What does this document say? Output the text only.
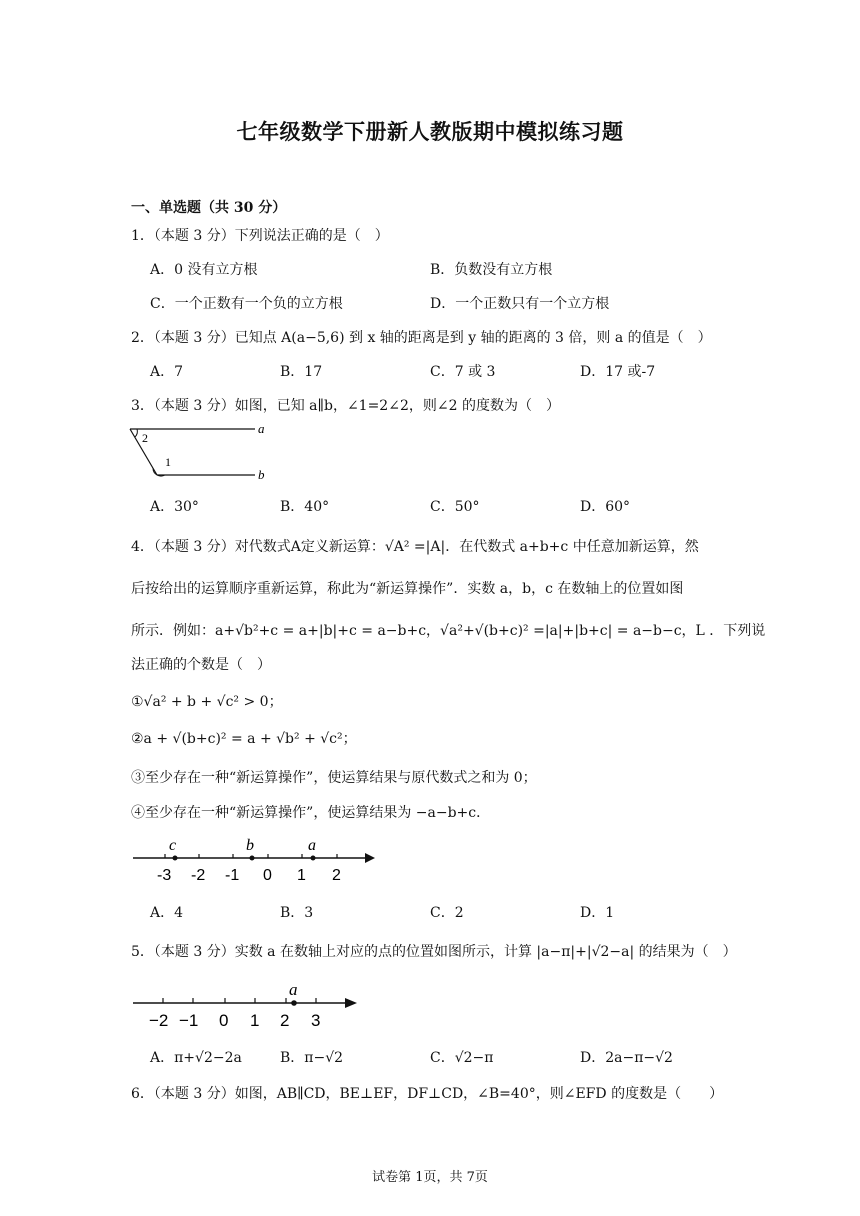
七年级数学下册新人教版期中模拟练习题
一、单选题（共 30 分）
1．（本题 3 分）下列说法正确的是（　）
A．0 没有立方根	B．负数没有立方根
C．一个正数有一个负的立方根	D．一个正数只有一个立方根
2．（本题 3 分）已知点 A(a−5,6) 到 x 轴的距离是到 y 轴的距离的 3 倍，则 a 的值是（　）
A．7	B．17	C．7 或 3	D．17 或-7
3．（本题 3 分）如图，已知 a∥b，∠1=2∠2，则∠2 的度数为（　）
2
1
a
b
A．30°	B．40°	C．50°	D．60°
4．（本题 3 分）对代数式A定义新运算：√A² =|A|．在代数式 a+b+c 中任意加新运算，然
后按给出的运算顺序重新运算，称此为“新运算操作”．实数 a，b，c 在数轴上的位置如图
所示．例如：a+√b²+c = a+|b|+c = a−b+c，√a²+√(b+c)² =|a|+|b+c| = a−b−c，L ．下列说
法正确的个数是（　）
①√a² + b + √c² > 0；
②a + √(b+c)² = a + √b² + √c²；
③至少存在一种“新运算操作”，使运算结果与原代数式之和为 0；
④至少存在一种“新运算操作”，使运算结果为 −a−b+c．
c	b	a
-3 -2 -1 0 1 2
A．4	B．3	C．2	D．1
5．（本题 3 分）实数 a 在数轴上对应的点的位置如图所示，计算 |a−π|+|√2−a| 的结果为（　）
a
−2 −1 0 1 2 3
A．π+√2−2a	B．π−√2	C．√2−π	D．2a−π−√2
6．（本题 3 分）如图，AB∥CD，BE⊥EF，DF⊥CD，∠B=40°，则∠EFD 的度数是（　　）
试卷第 1页，共 7页
